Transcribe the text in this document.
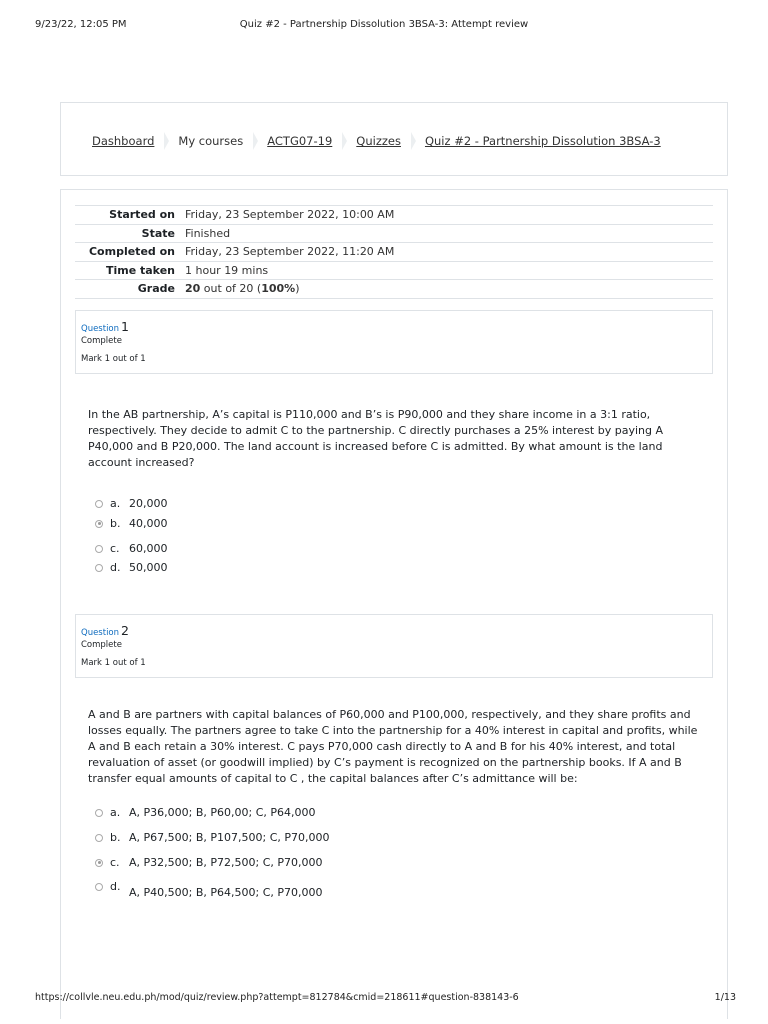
9/23/22, 12:05 PM	Quiz #2 - Partnership Dissolution 3BSA-3: Attempt review
Dashboard My courses ACTG07-19 Quizzes Quiz #2 - Partnership Dissolution 3BSA-3
Started on	Friday, 23 September 2022, 10:00 AM
State	Finished
Completed on	Friday, 23 September 2022, 11:20 AM
Time taken	1 hour 19 mins
Grade	20 out of 20 (100%)
Question 1
Complete
Mark 1 out of 1
In the AB partnership, A’s capital is P110,000 and B’s is P90,000 and they share income in a 3:1 ratio, respectively. They decide to admit C to the partnership. C directly purchases a 25% interest by paying A P40,000 and B P20,000. The land account is increased before C is admitted. By what amount is the land account increased?
a. 20,000
b. 40,000
c. 60,000
d. 50,000
Question 2
Complete
Mark 1 out of 1
A and B are partners with capital balances of P60,000 and P100,000, respectively, and they share profits and losses equally. The partners agree to take C into the partnership for a 40% interest in capital and profits, while A and B each retain a 30% interest. C pays P70,000 cash directly to A and B for his 40% interest, and total revaluation of asset (or goodwill implied) by C’s payment is recognized on the partnership books. If A and B transfer equal amounts of capital to C , the capital balances after C’s admittance will be:
a. A, P36,000; B, P60,00; C, P64,000
b. A, P67,500; B, P107,500; C, P70,000
c. A, P32,500; B, P72,500; C, P70,000
d. A, P40,500; B, P64,500; C, P70,000
https://collvle.neu.edu.ph/mod/quiz/review.php?attempt=812784&cmid=218611#question-838143-6	1/13
